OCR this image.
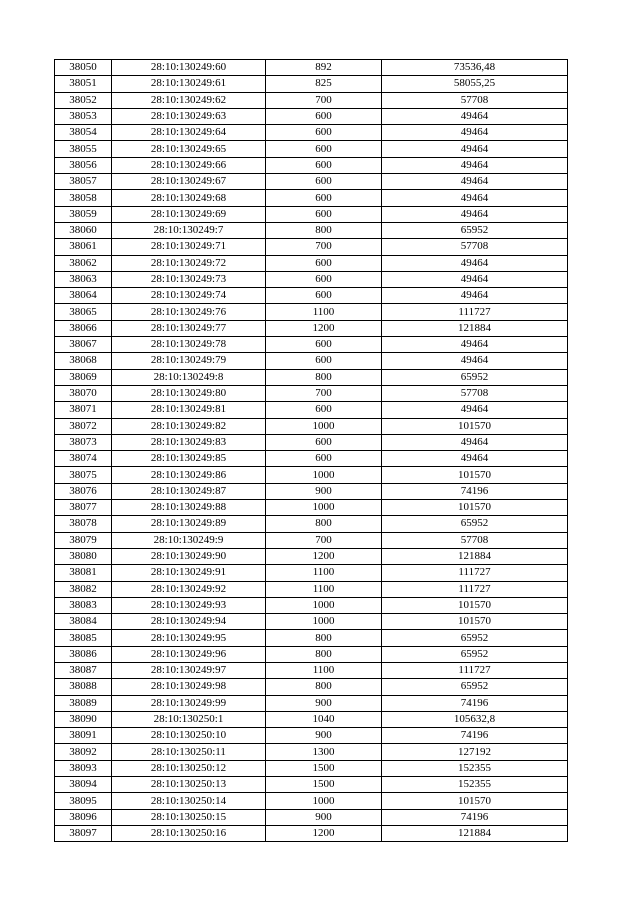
38050	28:10:130249:60	892	73536,48
38051	28:10:130249:61	825	58055,25
38052	28:10:130249:62	700	57708
38053	28:10:130249:63	600	49464
38054	28:10:130249:64	600	49464
38055	28:10:130249:65	600	49464
38056	28:10:130249:66	600	49464
38057	28:10:130249:67	600	49464
38058	28:10:130249:68	600	49464
38059	28:10:130249:69	600	49464
38060	28:10:130249:7	800	65952
38061	28:10:130249:71	700	57708
38062	28:10:130249:72	600	49464
38063	28:10:130249:73	600	49464
38064	28:10:130249:74	600	49464
38065	28:10:130249:76	1100	111727
38066	28:10:130249:77	1200	121884
38067	28:10:130249:78	600	49464
38068	28:10:130249:79	600	49464
38069	28:10:130249:8	800	65952
38070	28:10:130249:80	700	57708
38071	28:10:130249:81	600	49464
38072	28:10:130249:82	1000	101570
38073	28:10:130249:83	600	49464
38074	28:10:130249:85	600	49464
38075	28:10:130249:86	1000	101570
38076	28:10:130249:87	900	74196
38077	28:10:130249:88	1000	101570
38078	28:10:130249:89	800	65952
38079	28:10:130249:9	700	57708
38080	28:10:130249:90	1200	121884
38081	28:10:130249:91	1100	111727
38082	28:10:130249:92	1100	111727
38083	28:10:130249:93	1000	101570
38084	28:10:130249:94	1000	101570
38085	28:10:130249:95	800	65952
38086	28:10:130249:96	800	65952
38087	28:10:130249:97	1100	111727
38088	28:10:130249:98	800	65952
38089	28:10:130249:99	900	74196
38090	28:10:130250:1	1040	105632,8
38091	28:10:130250:10	900	74196
38092	28:10:130250:11	1300	127192
38093	28:10:130250:12	1500	152355
38094	28:10:130250:13	1500	152355
38095	28:10:130250:14	1000	101570
38096	28:10:130250:15	900	74196
38097	28:10:130250:16	1200	121884
